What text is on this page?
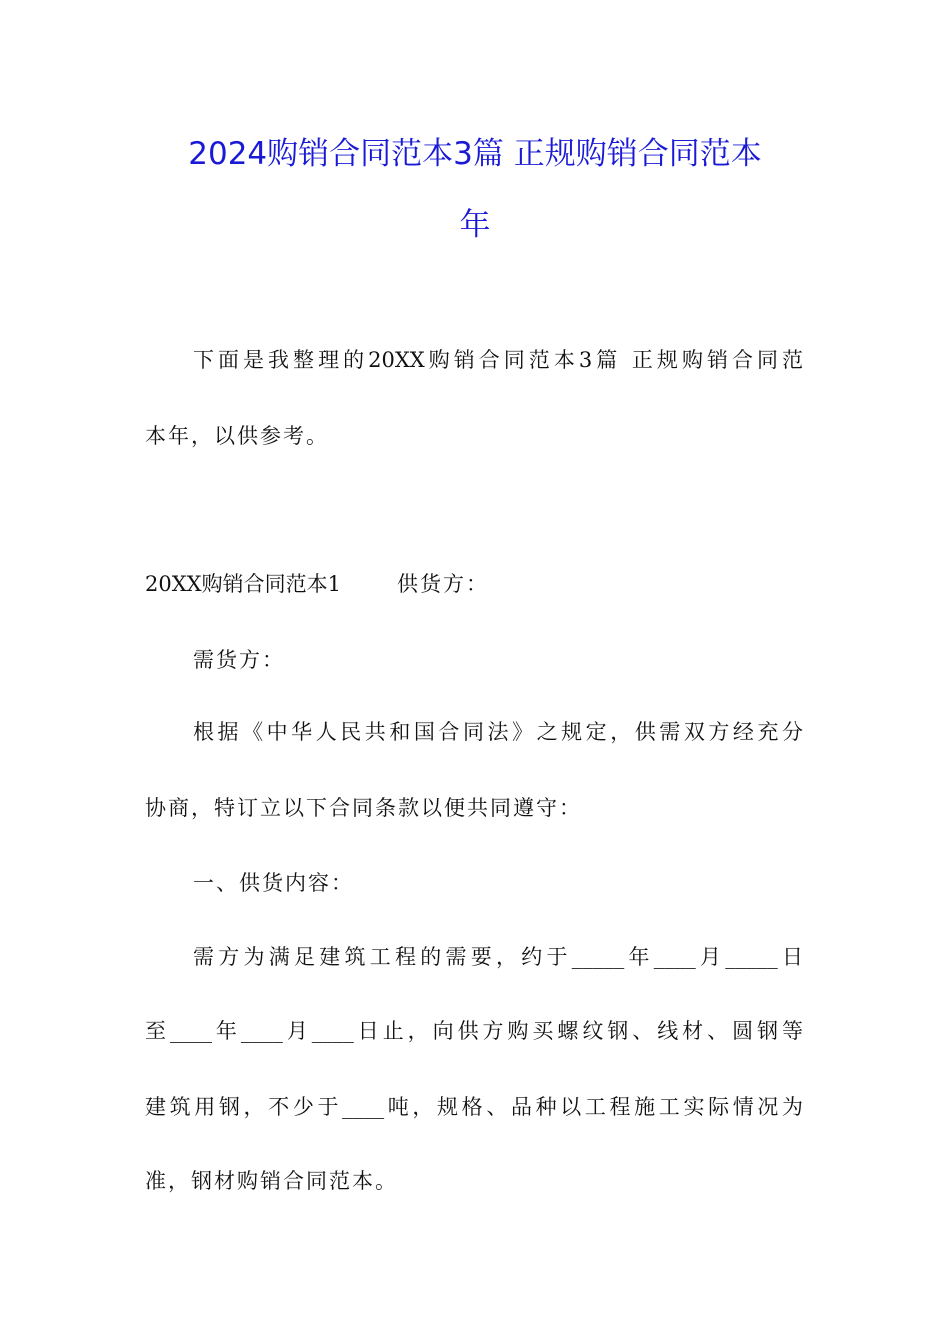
2024购销合同范本3篇 正规购销合同范本
年
下面是我整理的20XX购销合同范本3篇 正规购销合同范
本年，以供参考。
20XX购销合同范本1	供货方：
需货方：
根据《中华人民共和国合同法》之规定，供需双方经充分
协商，特订立以下合同条款以便共同遵守：
一、供货内容：
需方为满足建筑工程的需要，约于_____年____月_____日
至____年____月____日止，向供方购买螺纹钢、线材、圆钢等
建筑用钢，不少于____吨，规格、品种以工程施工实际情况为
准，钢材购销合同范本。
